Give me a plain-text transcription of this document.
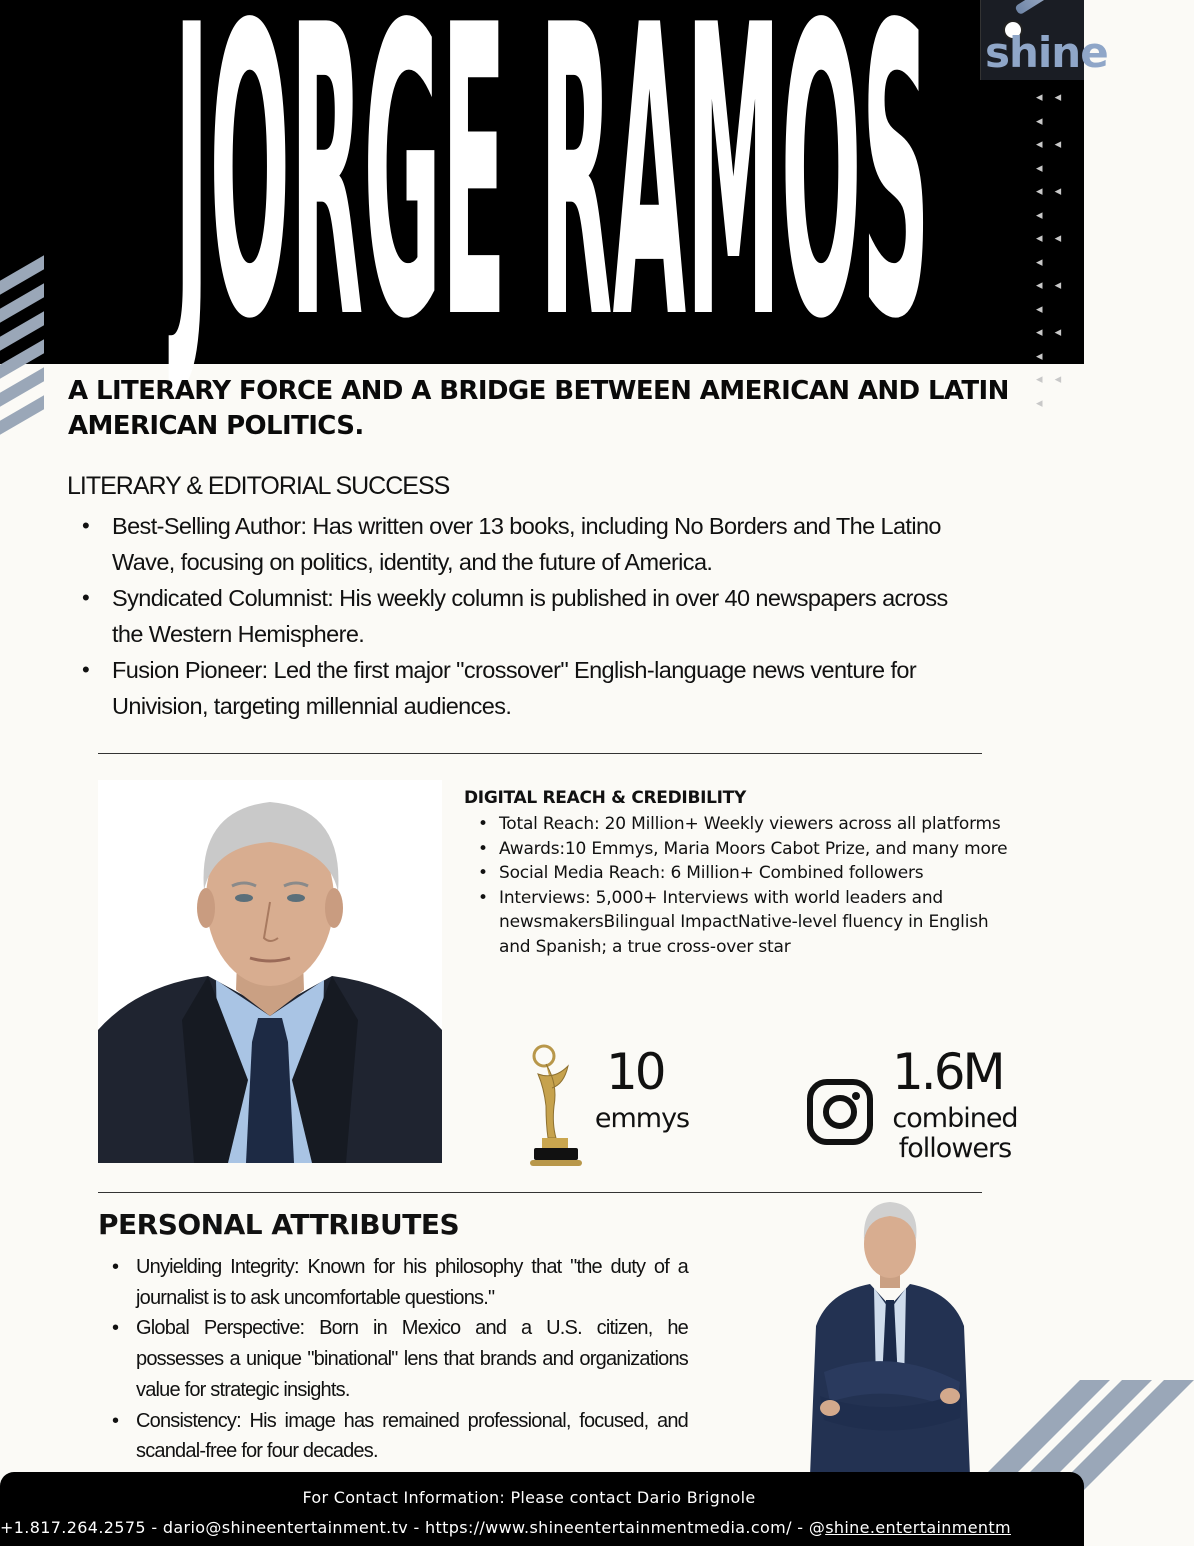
JORGE RAMOS shine
◂ ◂ ◂
◂ ◂ ◂
◂ ◂ ◂
◂ ◂ ◂
◂ ◂ ◂
◂ ◂ ◂
◂ ◂ ◂
A LITERARY FORCE AND A BRIDGE BETWEEN AMERICAN AND LATIN AMERICAN POLITICS.
LITERARY & EDITORIAL SUCCESS
• Best-Selling Author: Has written over 13 books, including No Borders and The Latino Wave, focusing on politics, identity, and the future of America.
• Syndicated Columnist: His weekly column is published in over 40 newspapers across the Western Hemisphere.
• Fusion Pioneer: Led the first major "crossover" English-language news venture for Univision, targeting millennial audiences.
DIGITAL REACH & CREDIBILITY
• Total Reach: 20 Million+ Weekly viewers across all platforms
• Awards:10 Emmys, Maria Moors Cabot Prize, and many more
• Social Media Reach: 6 Million+ Combined followers
• Interviews: 5,000+ Interviews with world leaders and newsmakersBilingual ImpactNative-level fluency in English and Spanish; a true cross-over star
10
emmys
1.6M
combined
followers
PERSONAL ATTRIBUTES
• Unyielding Integrity: Known for his philosophy that "the duty of a journalist is to ask uncomfortable questions."
• Global Perspective: Born in Mexico and a U.S. citizen, he possesses a unique "binational" lens that brands and organizations value for strategic insights.
• Consistency: His image has remained professional, focused, and scandal-free for four decades.
For Contact Information: Please contact Dario Brignole
+1.817.264.2575 - dario@shineentertainment.tv - https://www.shineentertainmentmedia.com/ - @shine.entertainmentm
